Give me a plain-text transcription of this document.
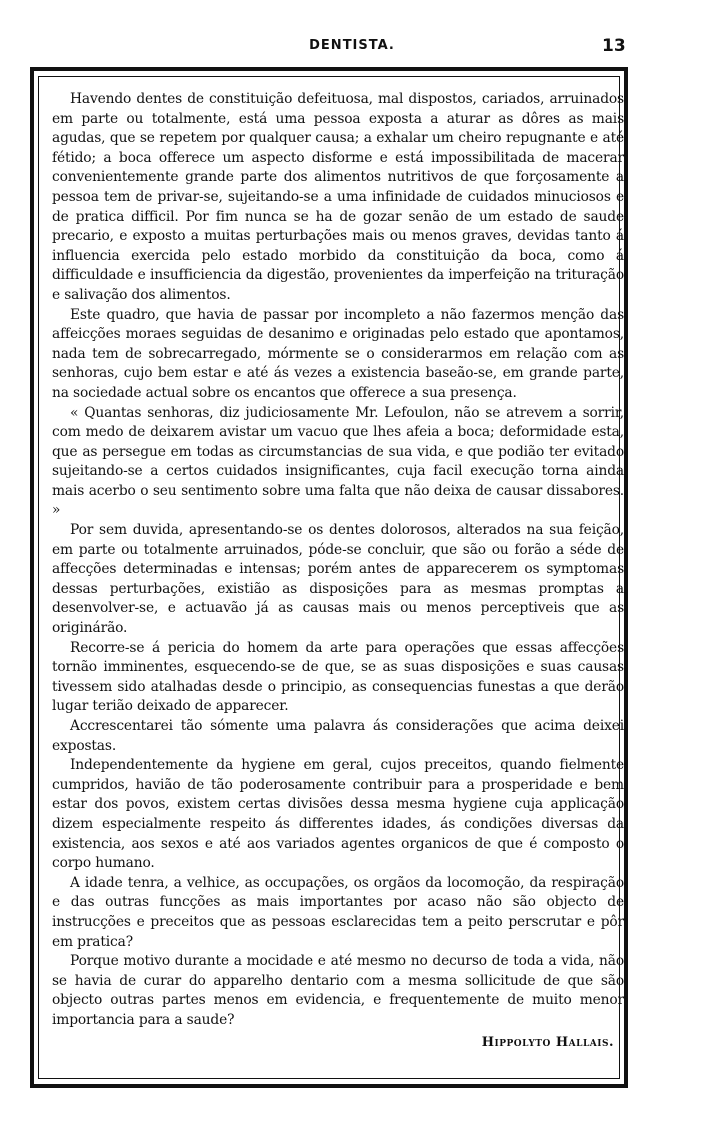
DENTISTA.	13

Havendo dentes de constituição defeituosa, mal dispostos, cariados, arruinados em parte ou totalmente, está uma pessoa exposta a aturar as dôres as mais agudas, que se repetem por qualquer causa; a exhalar um cheiro repugnante e até fétido; a boca offerece um aspecto disforme e está impossibilitada de macerar convenientemente grande parte dos alimentos nutritivos de que forçosamente a pessoa tem de privar-se, sujeitando-se a uma infinidade de cuidados minuciosos e de pratica difficil. Por fim nunca se ha de gozar senão de um estado de saude precario, e exposto a muitas perturbações mais ou menos graves, devidas tanto á influencia exercida pelo estado morbido da constituição da boca, como á difficuldade e insufficiencia da digestão, provenientes da imperfeição na trituração e salivação dos alimentos.

Este quadro, que havia de passar por incompleto a não fazermos menção das affeicções moraes seguidas de desanimo e originadas pelo estado que apontamos, nada tem de sobrecarregado, mórmente se o considerarmos em relação com as senhoras, cujo bem estar e até ás vezes a existencia baseão-se, em grande parte, na sociedade actual sobre os encantos que offerece a sua presença.

« Quantas senhoras, diz judiciosamente Mr. Lefoulon, não se atrevem a sorrir, com medo de deixarem avistar um vacuo que lhes afeia a boca; deformidade esta, que as persegue em todas as circumstancias de sua vida, e que podião ter evitado sujeitando-se a certos cuidados insignificantes, cuja facil execução torna ainda mais acerbo o seu sentimento sobre uma falta que não deixa de causar dissabores. »

Por sem duvida, apresentando-se os dentes dolorosos, alterados na sua feição, em parte ou totalmente arruinados, póde-se concluir, que são ou forão a séde de affecções determinadas e intensas; porém antes de apparecerem os symptomas dessas perturbações, existião as disposições para as mesmas promptas a desenvolver-se, e actuavão já as causas mais ou menos perceptiveis que as originárão.

Recorre-se á pericia do homem da arte para operações que essas affecções tornão imminentes, esquecendo-se de que, se as suas disposições e suas causas tivessem sido atalhadas desde o principio, as consequencias funestas a que derão lugar terião deixado de apparecer.

Accrescentarei tão sómente uma palavra ás considerações que acima deixei expostas.

Independentemente da hygiene em geral, cujos preceitos, quando fielmente cumpridos, havião de tão poderosamente contribuir para a prosperidade e bem estar dos povos, existem certas divisões dessa mesma hygiene cuja applicação dizem especialmente respeito ás differentes idades, ás condições diversas da existencia, aos sexos e até aos variados agentes organicos de que é composto o corpo humano.

A idade tenra, a velhice, as occupações, os orgãos da locomoção, da respiração e das outras funcções as mais importantes por acaso não são objecto de instrucções e preceitos que as pessoas esclarecidas tem a peito perscrutar e pôr em pratica?

Porque motivo durante a mocidade e até mesmo no decurso de toda a vida, não se havia de curar do apparelho dentario com a mesma sollicitude de que são objecto outras partes menos em evidencia, e frequentemente de muito menor importancia para a saude?

Hippolyto Hallais.
